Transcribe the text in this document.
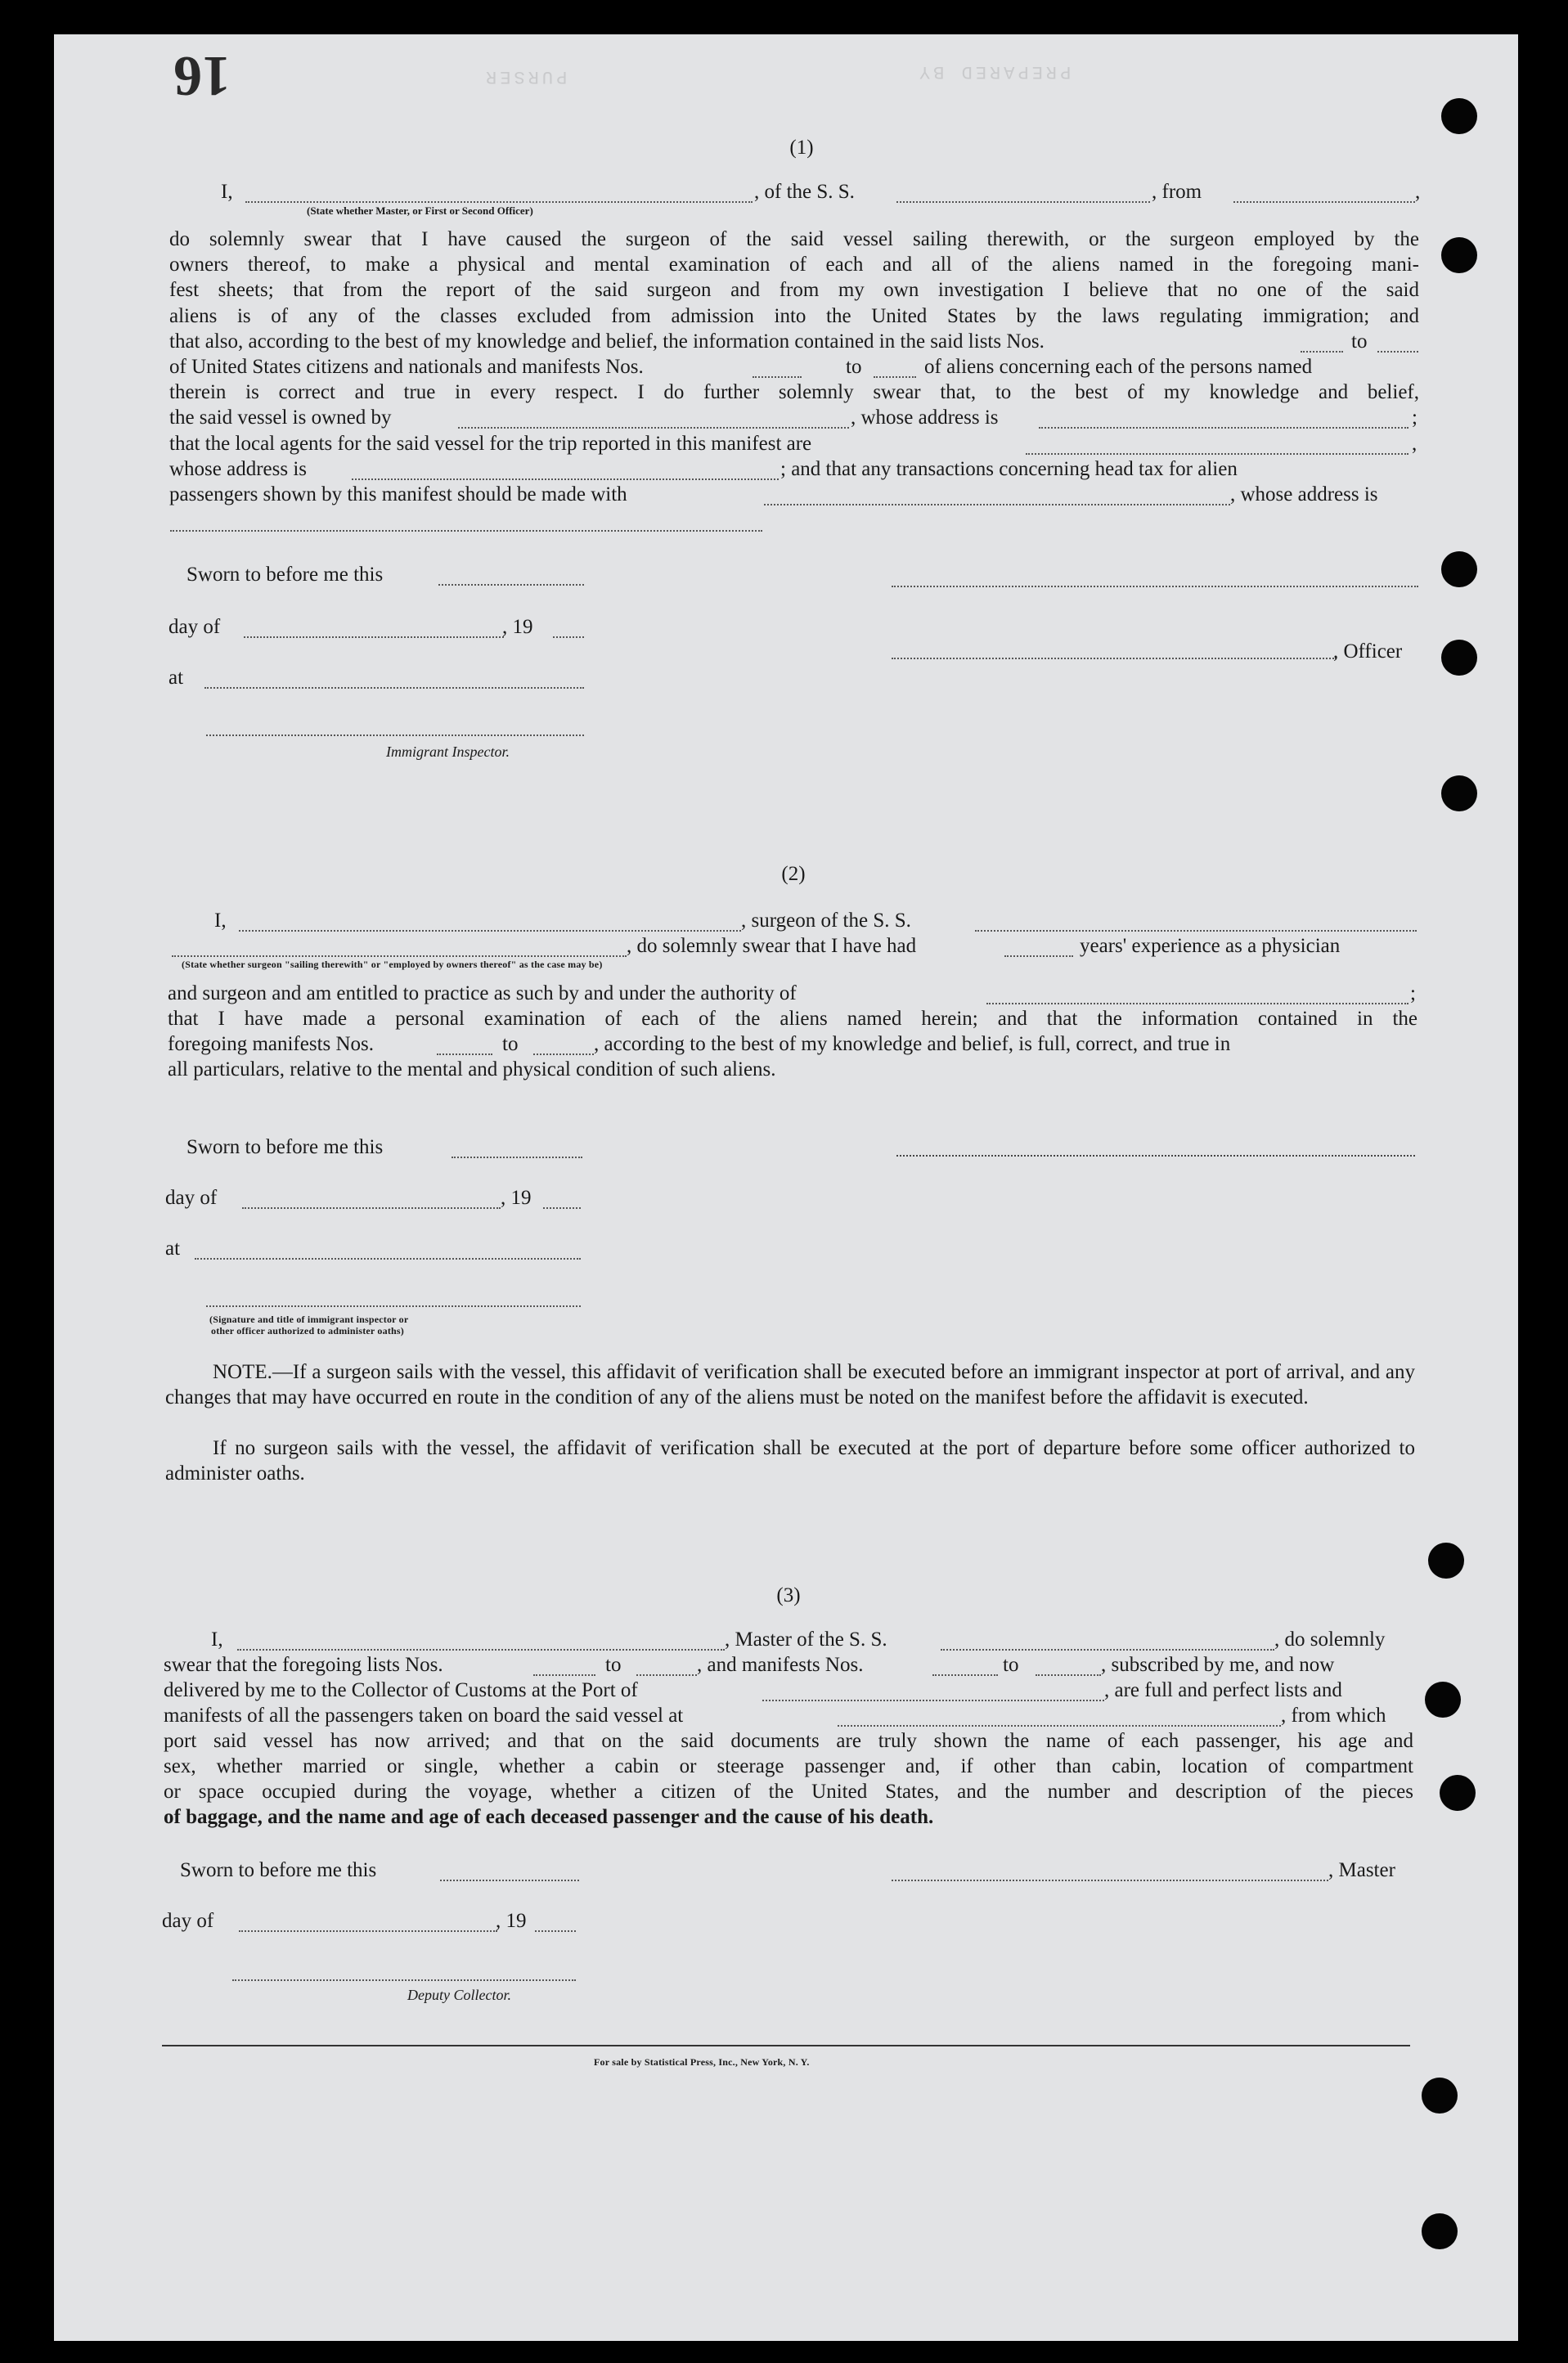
16	PURSER	PREPARED BY
(1)
I,	, of the S. S.	, from	,
(State whether Master, or First or Second Officer)
do solemnly swear that I have caused the surgeon of the said vessel sailing therewith, or the surgeon employed by the
owners thereof, to make a physical and mental examination of each and all of the aliens named in the foregoing mani-
fest sheets; that from the report of the said surgeon and from my own investigation I believe that no one of the said
aliens is of any of the classes excluded from admission into the United States by the laws regulating immigration; and
that also, according to the best of my knowledge and belief, the information contained in the said lists Nos.	to
of United States citizens and nationals and manifests Nos.	to	of aliens concerning each of the persons named
therein is correct and true in every respect. I do further solemnly swear that, to the best of my knowledge and belief,
the said vessel is owned by	, whose address is	;
that the local agents for the said vessel for the trip reported in this manifest are	,
whose address is	; and that any transactions concerning head tax for alien
passengers shown by this manifest should be made with	, whose address is
Sworn to before me this
day of	, 19
, Officer
at
Immigrant Inspector.
(2)
I,	, surgeon of the S. S.
, do solemnly swear that I have had	years' experience as a physician
(State whether surgeon "sailing therewith" or "employed by owners thereof" as the case may be)
and surgeon and am entitled to practice as such by and under the authority of	;
that I have made a personal examination of each of the aliens named herein; and that the information contained in the
foregoing manifests Nos.	to	, according to the best of my knowledge and belief, is full, correct, and true in
all particulars, relative to the mental and physical condition of such aliens.
Sworn to before me this
day of	, 19
at
(Signature and title of immigrant inspector or
other officer authorized to administer oaths)
NOTE.—If a surgeon sails with the vessel, this affidavit of verification shall be executed before an immigrant inspector at port of arrival, and any changes that may have occurred en route in the condition of any of the aliens must be noted on the manifest before the affidavit is executed.
If no surgeon sails with the vessel, the affidavit of verification shall be executed at the port of departure before some officer authorized to administer oaths.
(3)
I,	, Master of the S. S.	, do solemnly
swear that the foregoing lists Nos.	to	, and manifests Nos.	to	, subscribed by me, and now
delivered by me to the Collector of Customs at the Port of	, are full and perfect lists and
manifests of all the passengers taken on board the said vessel at	, from which
port said vessel has now arrived; and that on the said documents are truly shown the name of each passenger, his age and
sex, whether married or single, whether a cabin or steerage passenger and, if other than cabin, location of compartment
or space occupied during the voyage, whether a citizen of the United States, and the number and description of the pieces
of baggage, and the name and age of each deceased passenger and the cause of his death.
Sworn to before me this	, Master
day of	, 19
Deputy Collector.
For sale by Statistical Press, Inc., New York, N. Y.
